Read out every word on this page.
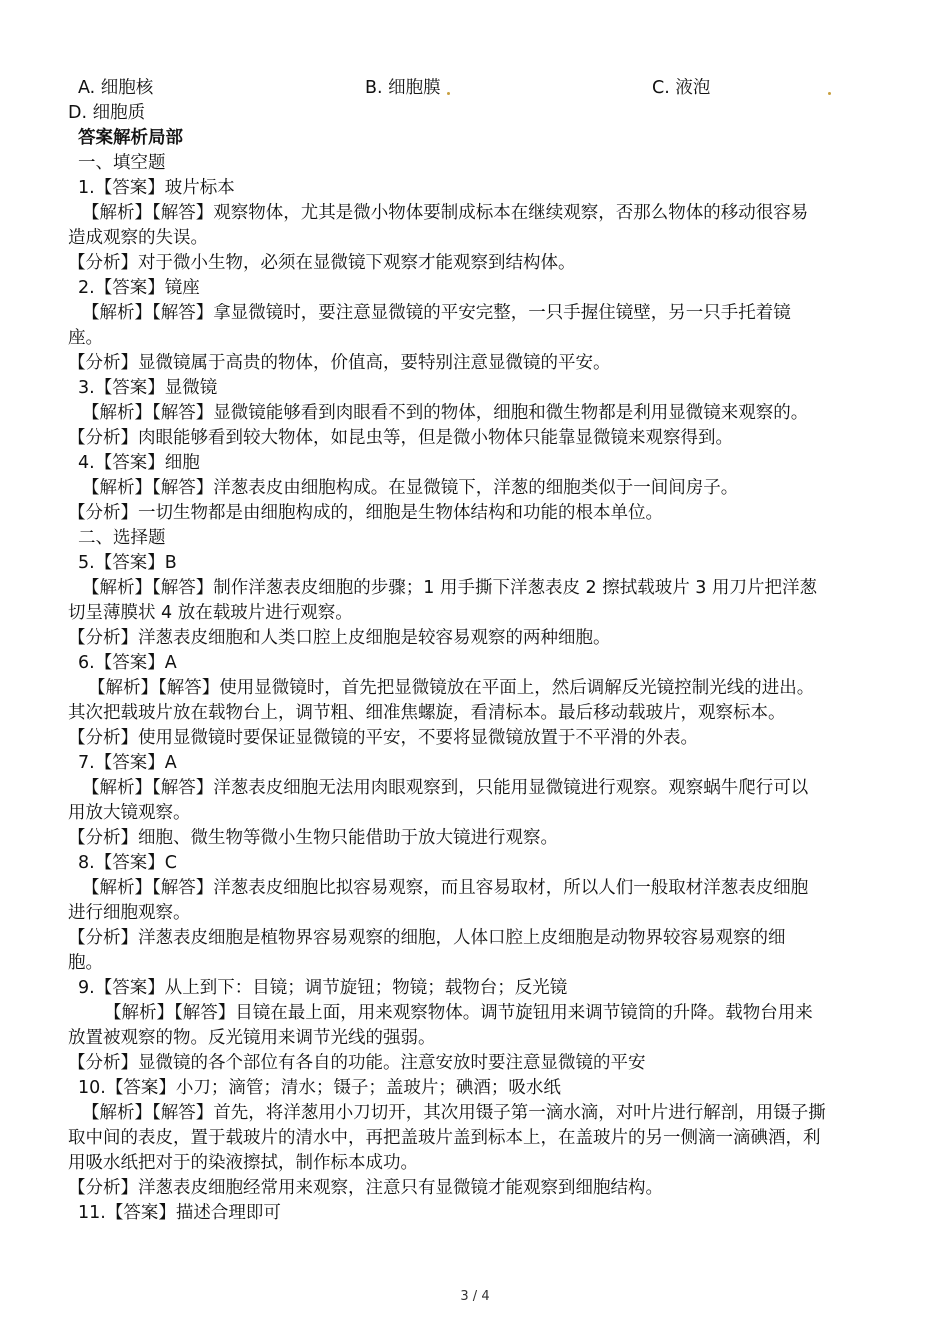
A. 细胞核	B. 细胞膜	C. 液泡
D. 细胞质
答案解析局部
一、填空题
1.【答案】玻片标本
【解析】【解答】观察物体，尤其是微小物体要制成标本在继续观察，否那么物体的移动很容易
造成观察的失误。
【分析】对于微小生物，必须在显微镜下观察才能观察到结构体。
2.【答案】镜座
【解析】【解答】拿显微镜时，要注意显微镜的平安完整，一只手握住镜壁，另一只手托着镜
座。
【分析】显微镜属于高贵的物体，价值高，要特别注意显微镜的平安。
3.【答案】显微镜
【解析】【解答】显微镜能够看到肉眼看不到的物体，细胞和微生物都是利用显微镜来观察的。
【分析】肉眼能够看到较大物体，如昆虫等，但是微小物体只能靠显微镜来观察得到。
4.【答案】细胞
【解析】【解答】洋葱表皮由细胞构成。在显微镜下，洋葱的细胞类似于一间间房子。
【分析】一切生物都是由细胞构成的，细胞是生物体结构和功能的根本单位。
二、选择题
5.【答案】B
【解析】【解答】制作洋葱表皮细胞的步骤；1 用手撕下洋葱表皮 2 擦拭载玻片 3 用刀片把洋葱
切呈薄膜状 4 放在载玻片进行观察。
【分析】洋葱表皮细胞和人类口腔上皮细胞是较容易观察的两种细胞。
6.【答案】A
【解析】【解答】使用显微镜时，首先把显微镜放在平面上，然后调解反光镜控制光线的进出。
其次把载玻片放在载物台上，调节粗、细准焦螺旋，看清标本。最后移动载玻片，观察标本。
【分析】使用显微镜时要保证显微镜的平安，不要将显微镜放置于不平滑的外表。
7.【答案】A
【解析】【解答】洋葱表皮细胞无法用肉眼观察到，只能用显微镜进行观察。观察蜗牛爬行可以
用放大镜观察。
【分析】细胞、微生物等微小生物只能借助于放大镜进行观察。
8.【答案】C
【解析】【解答】洋葱表皮细胞比拟容易观察，而且容易取材，所以人们一般取材洋葱表皮细胞
进行细胞观察。
【分析】洋葱表皮细胞是植物界容易观察的细胞，人体口腔上皮细胞是动物界较容易观察的细
胞。
9.【答案】从上到下：目镜；调节旋钮；物镜；载物台；反光镜
【解析】【解答】目镜在最上面，用来观察物体。调节旋钮用来调节镜筒的升降。载物台用来
放置被观察的物。反光镜用来调节光线的强弱。
【分析】显微镜的各个部位有各自的功能。注意安放时要注意显微镜的平安
10.【答案】小刀；滴管；清水；镊子；盖玻片；碘酒；吸水纸
【解析】【解答】首先，将洋葱用小刀切开，其次用镊子第一滴水滴，对叶片进行解剖，用镊子撕
取中间的表皮，置于载玻片的清水中，再把盖玻片盖到标本上，在盖玻片的另一侧滴一滴碘酒，利
用吸水纸把对于的染液擦拭，制作标本成功。
【分析】洋葱表皮细胞经常用来观察，注意只有显微镜才能观察到细胞结构。
11.【答案】描述合理即可
3 / 4
